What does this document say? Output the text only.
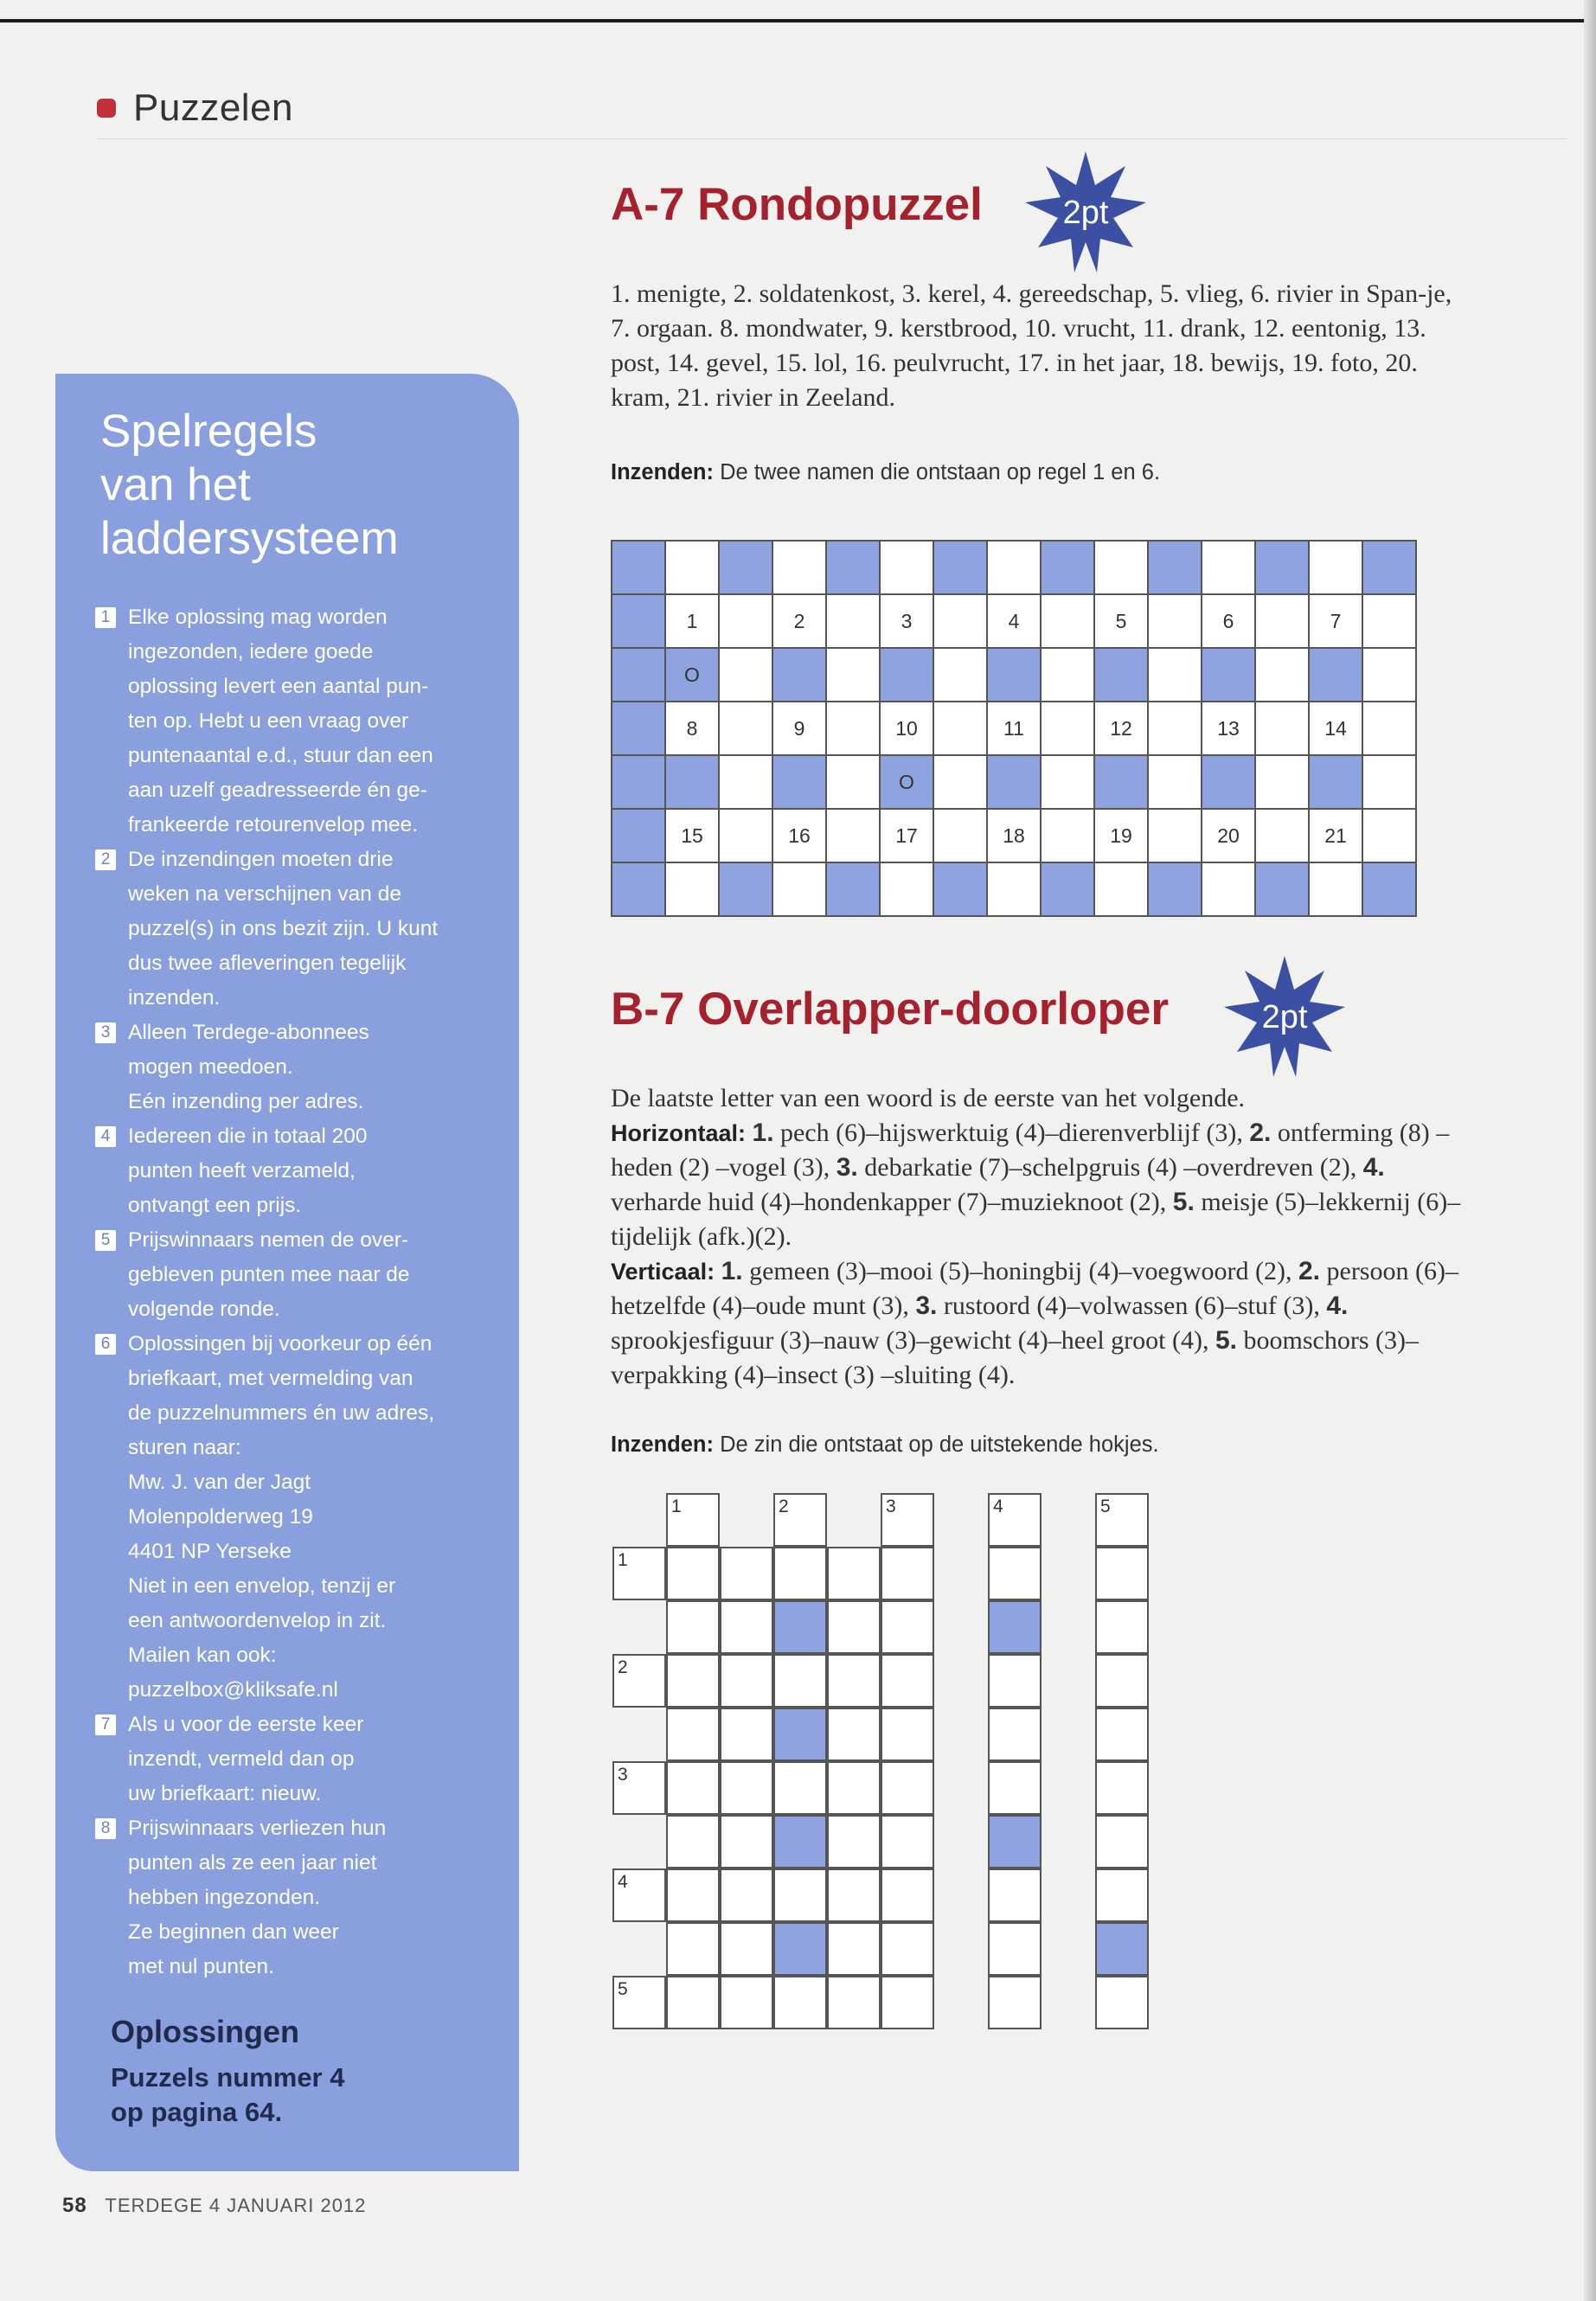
Puzzelen
Spelregels
van het
laddersysteem
1 Elke oplossing mag worden
ingezonden, iedere goede
oplossing levert een aantal pun-
ten op. Hebt u een vraag over
puntenaantal e.d., stuur dan een
aan uzelf geadresseerde én ge-
frankeerde retourenvelop mee.
2 De inzendingen moeten drie
weken na verschijnen van de
puzzel(s) in ons bezit zijn. U kunt
dus twee afleveringen tegelijk
inzenden.
3 Alleen Terdege-abonnees
mogen meedoen.
Eén inzending per adres.
4 Iedereen die in totaal 200
punten heeft verzameld,
ontvangt een prijs.
5 Prijswinnaars nemen de over-
gebleven punten mee naar de
volgende ronde.
6 Oplossingen bij voorkeur op één
briefkaart, met vermelding van
de puzzelnummers én uw adres,
sturen naar:
Mw. J. van der Jagt
Molenpolderweg 19
4401 NP Yerseke
Niet in een envelop, tenzij er
een antwoordenvelop in zit.
Mailen kan ook:
puzzelbox@kliksafe.nl
7 Als u voor de eerste keer
inzendt, vermeld dan op
uw briefkaart: nieuw.
8 Prijswinnaars verliezen hun
punten als ze een jaar niet
hebben ingezonden.
Ze beginnen dan weer
met nul punten.
Oplossingen
Puzzels nummer 4
op pagina 64.
A-7 Rondopuzzel 2pt
1. menigte, 2. soldatenkost, 3. kerel, 4. gereedschap, 5. vlieg, 6. rivier in Span-je, 7. orgaan. 8. mondwater, 9. kerstbrood, 10. vrucht, 11. drank, 12. eentonig, 13. post, 14. gevel, 15. lol, 16. peulvrucht, 17. in het jaar, 18. bewijs, 19. foto, 20. kram, 21. rivier in Zeeland.
Inzenden: De twee namen die ontstaan op regel 1 en 6.
1	2	3	4	5	6	7
O
8	9	10	11	12	13	14
O
15	16	17	18	19	20	21
B-7 Overlapper-doorloper	2pt

De laatste letter van een woord is de eerste van het volgende.

Horizontaal: 1. pech (6)–hijswerktuig (4)–dierenverblijf (3), 2. ontferming (8) –heden (2) –vogel (3), 3. debarkatie (7)–schelpgruis (4) –overdreven (2), 4. verharde huid (4)–hondenkapper (7)–muzieknoot (2), 5. meisje (5)–lekkernij (6)–tijdelijk (afk.)(2).

Verticaal: 1. gemeen (3)–mooi (5)–honingbij (4)–voegwoord (2), 2. persoon (6)–hetzelfde (4)–oude munt (3), 3. rustoord (4)–volwassen (6)–stuf (3), 4. sprookjesfiguur (3)–nauw (3)–gewicht (4)–heel groot (4), 5. boomschors (3)–verpakking (4)–insect (3) –sluiting (4).

Inzenden: De zin die ontstaat op de uitstekende hokjes.
1
2
3
4
5
1	2	3	4	5
58 TERDEGE 4 JANUARI 2012
